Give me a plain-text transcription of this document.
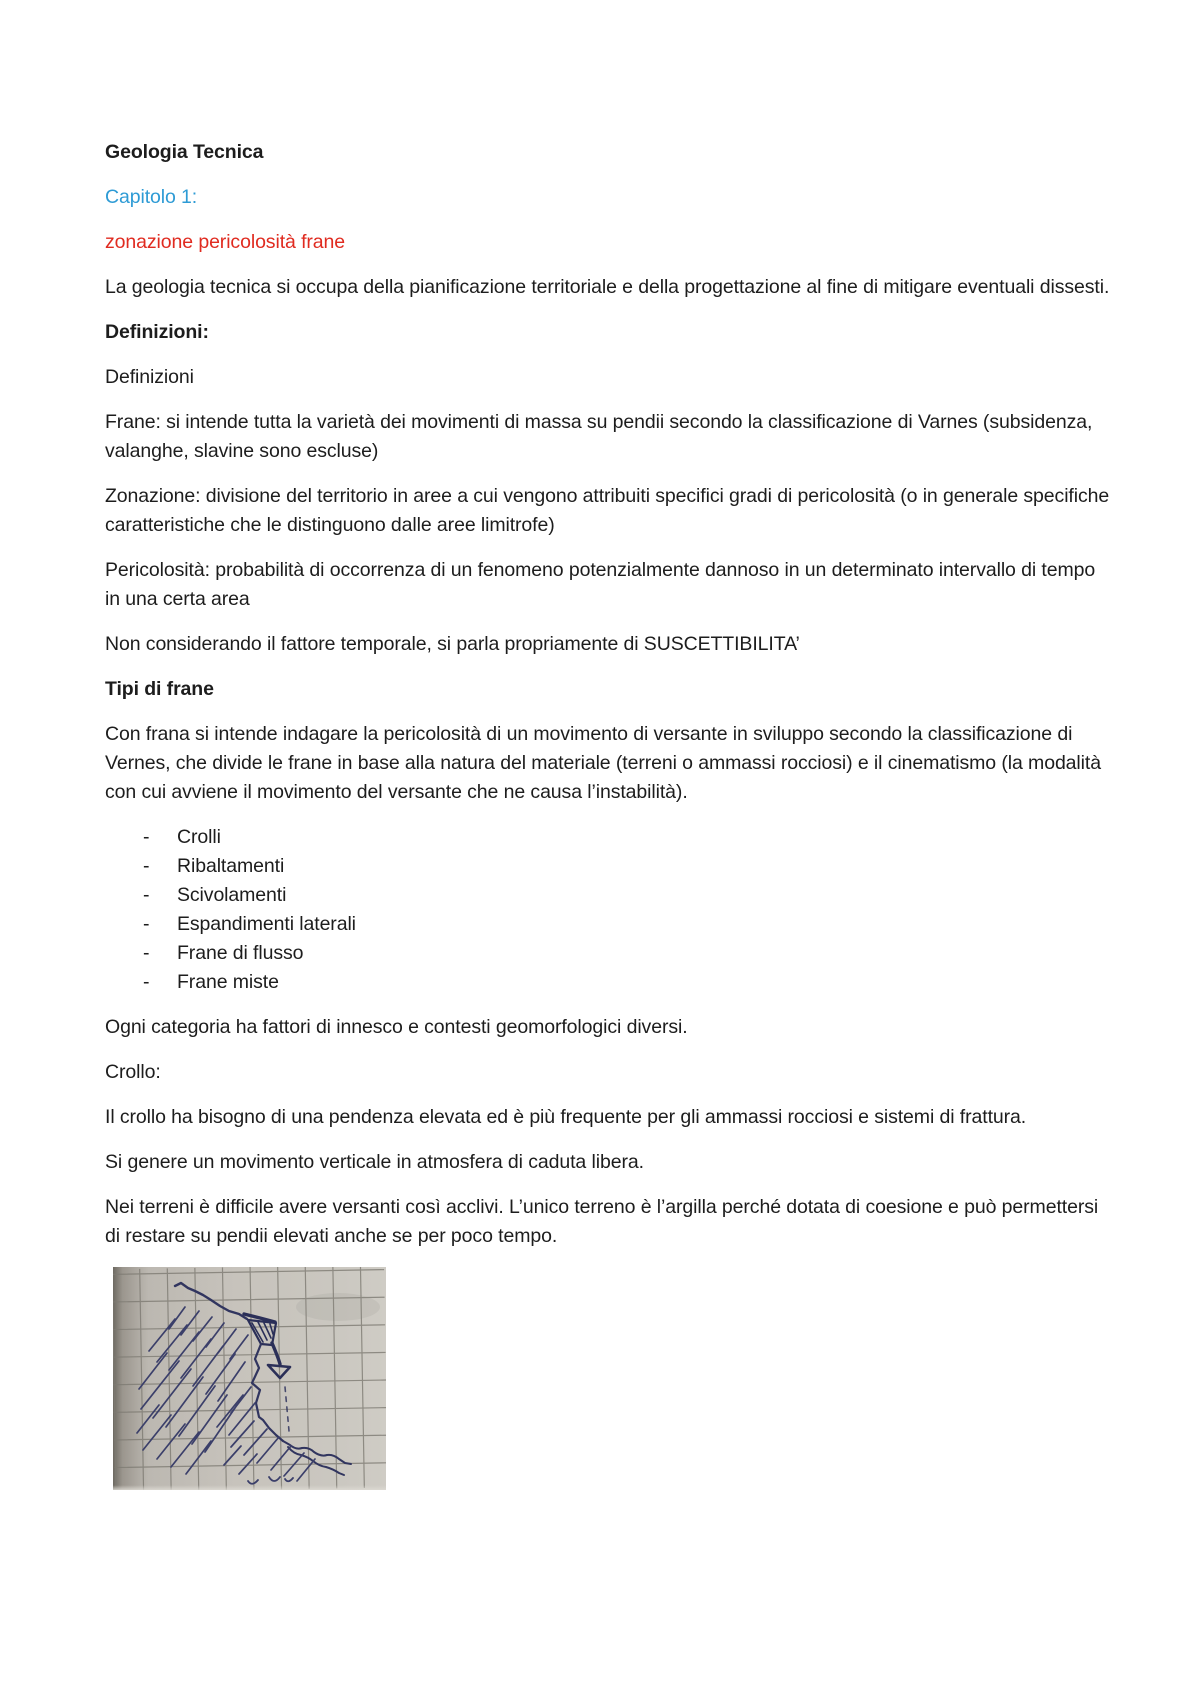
Geologia Tecnica

Capitolo 1:

zonazione pericolosità frane

La geologia tecnica si occupa della pianificazione territoriale e della progettazione al fine di mitigare eventuali dissesti.

Definizioni:

Definizioni

Frane: si intende tutta la varietà dei movimenti di massa su pendii secondo la classificazione di Varnes (subsidenza, valanghe, slavine sono escluse)

Zonazione: divisione del territorio in aree a cui vengono attribuiti specifici gradi di pericolosità (o in generale specifiche caratteristiche che le distinguono dalle aree limitrofe)

Pericolosità: probabilità di occorrenza di un fenomeno potenzialmente dannoso in un determinato intervallo di tempo in una certa area

Non considerando il fattore temporale, si parla propriamente di SUSCETTIBILITA’

Tipi di frane

Con frana si intende indagare la pericolosità di un movimento di versante in sviluppo secondo la classificazione di Vernes, che divide le frane in base alla natura del materiale (terreni o ammassi rocciosi) e il cinematismo (la modalità con cui avviene il movimento del versante che ne causa l’instabilità).

-	Crolli
-	Ribaltamenti
-	Scivolamenti
-	Espandimenti laterali
-	Frane di flusso
-	Frane miste

Ogni categoria ha fattori di innesco e contesti geomorfologici diversi.

Crollo:

Il crollo ha bisogno di una pendenza elevata ed è più frequente per gli ammassi rocciosi e sistemi di frattura.

Si genere un movimento verticale in atmosfera di caduta libera.

Nei terreni è difficile avere versanti così acclivi. L’unico terreno è l’argilla perché dotata di coesione e può permettersi di restare su pendii elevati anche se per poco tempo.
